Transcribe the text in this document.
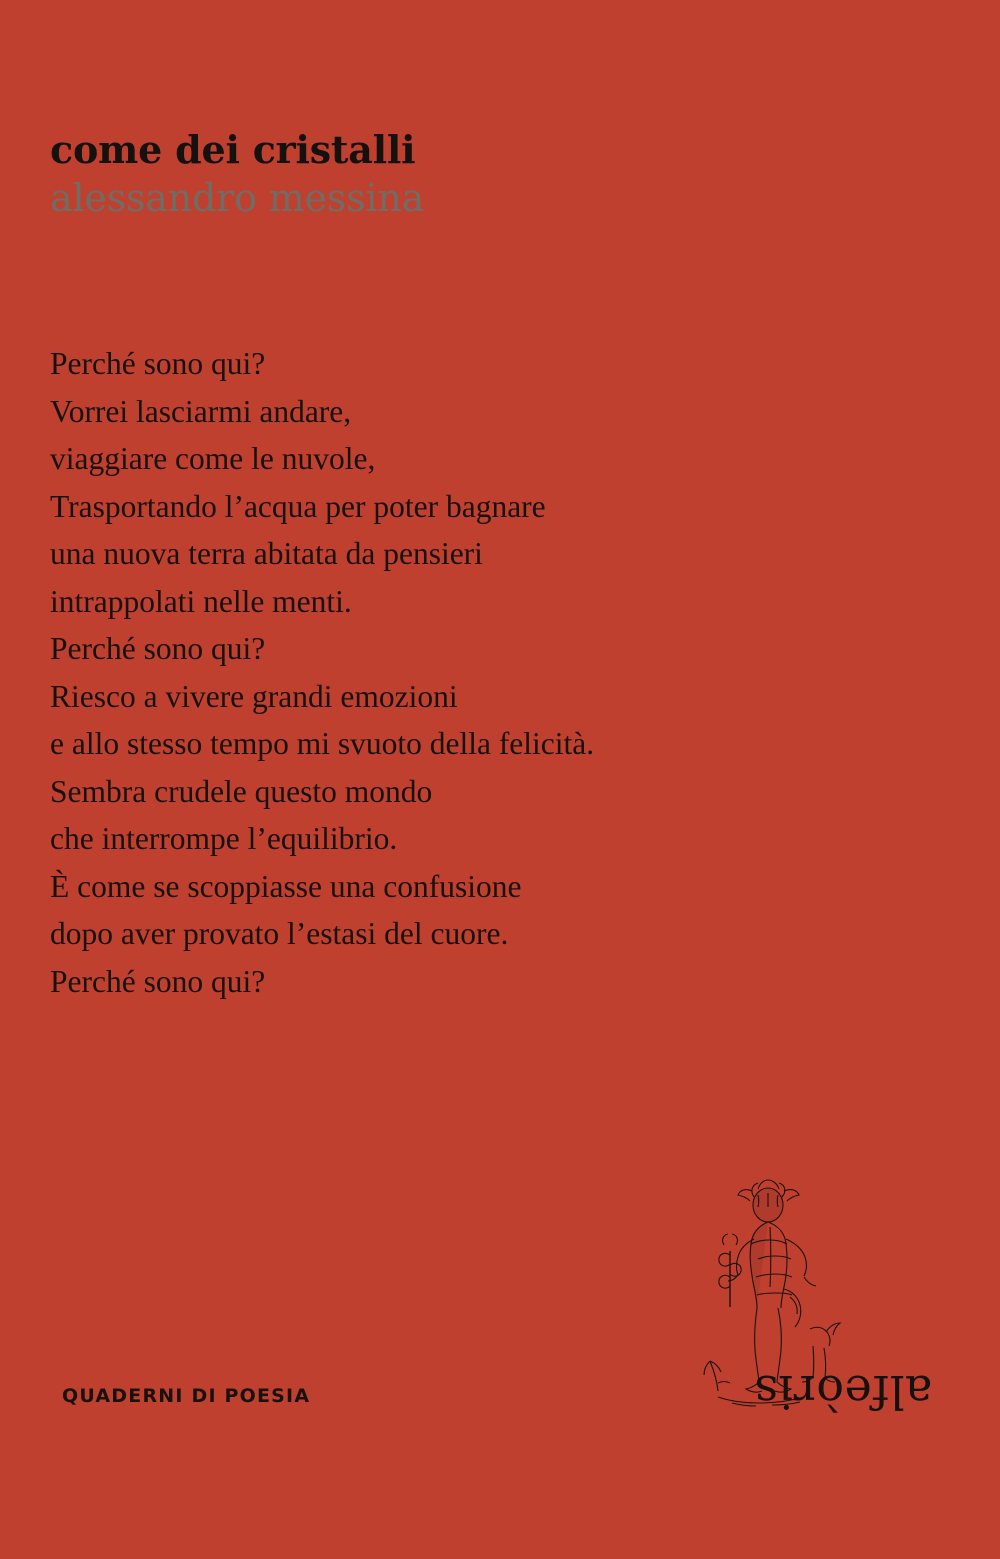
come dei cristalli
alessandro messina
Perché sono qui?
Vorrei lasciarmi andare,
viaggiare come le nuvole,
Trasportando l’acqua per poter bagnare
una nuova terra abitata da pensieri
intrappolati nelle menti.
Perché sono qui?
Riesco a vivere grandi emozioni
e allo stesso tempo mi svuoto della felicità.
Sembra crudele questo mondo
che interrompe l’equilibrio.
È come se scoppiasse una confusione
dopo aver provato l’estasi del cuore.
Perché sono qui?
QUADERNI DI POESIA	alfeòris
